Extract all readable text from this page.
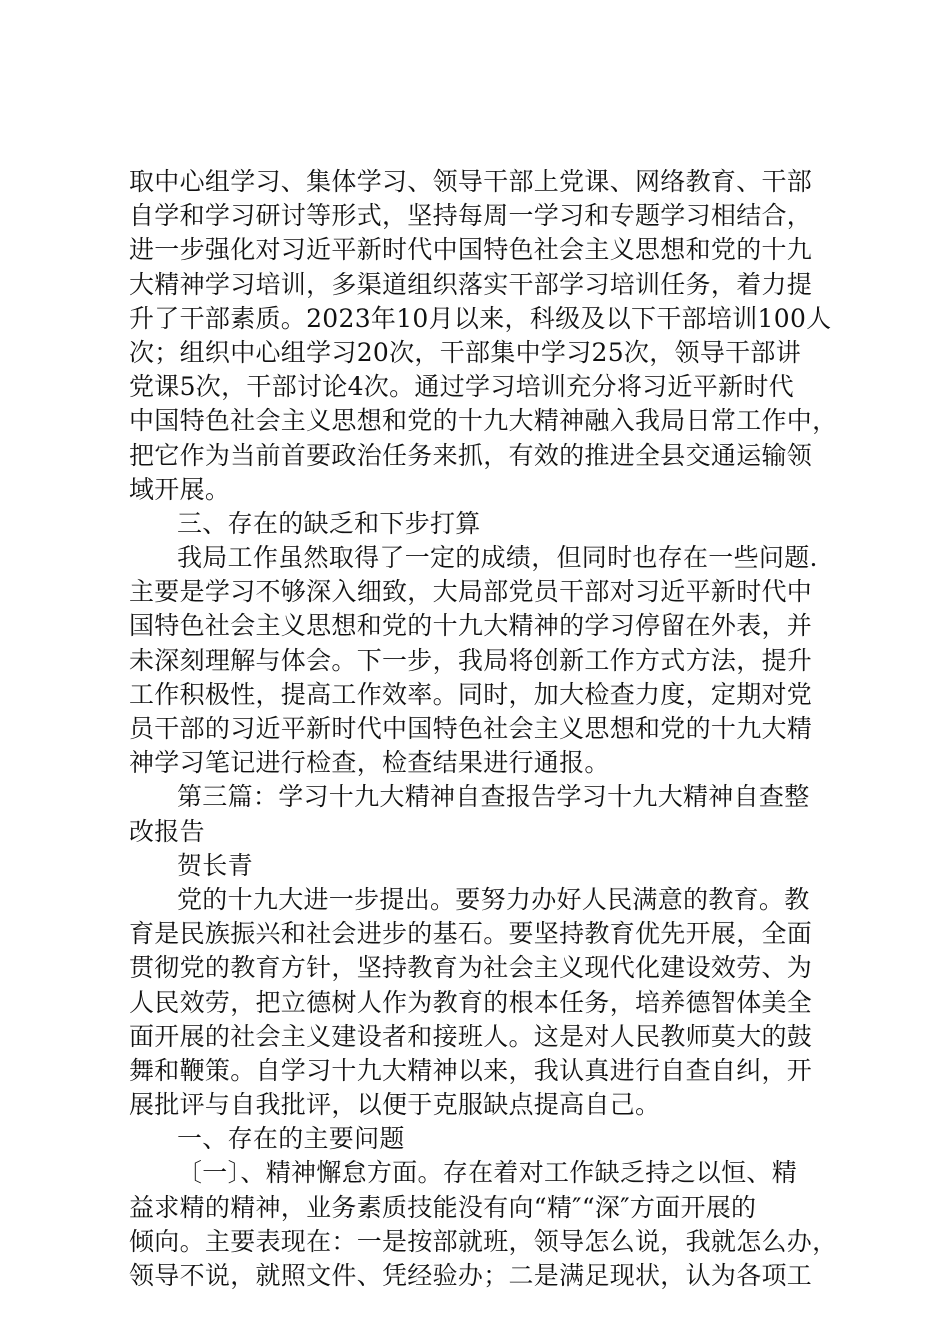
取中心组学习、集体学习、领导干部上党课、网络教育、干部
自学和学习研讨等形式，坚持每周一学习和专题学习相结合，
进一步强化对习近平新时代中国特色社会主义思想和党的十九
大精神学习培训，多渠道组织落实干部学习培训任务，着力提
升了干部素质。2023年10月以来，科级及以下干部培训100人
次；组织中心组学习20次，干部集中学习25次，领导干部讲
党课5次，干部讨论4次。通过学习培训充分将习近平新时代
中国特色社会主义思想和党的十九大精神融入我局日常工作中，
把它作为当前首要政治任务来抓，有效的推进全县交通运输领
域开展。
三、存在的缺乏和下步打算
我局工作虽然取得了一定的成绩，但同时也存在一些问题.
主要是学习不够深入细致，大局部党员干部对习近平新时代中
国特色社会主义思想和党的十九大精神的学习停留在外表，并
未深刻理解与体会。下一步，我局将创新工作方式方法，提升
工作积极性，提高工作效率。同时，加大检查力度，定期对党
员干部的习近平新时代中国特色社会主义思想和党的十九大精
神学习笔记进行检查，检查结果进行通报。
第三篇：学习十九大精神自查报告学习十九大精神自查整
改报告
贺长青
党的十九大进一步提出。要努力办好人民满意的教育。教
育是民族振兴和社会进步的基石。要坚持教育优先开展，全面
贯彻党的教育方针，坚持教育为社会主义现代化建设效劳、为
人民效劳，把立德树人作为教育的根本任务，培养德智体美全
面开展的社会主义建设者和接班人。这是对人民教师莫大的鼓
舞和鞭策。自学习十九大精神以来，我认真进行自查自纠，开
展批评与自我批评，以便于克服缺点提高自己。
一、存在的主要问题
〔一〕、精神懈怠方面。存在着对工作缺乏持之以恒、精
益求精的精神，业务素质技能没有向“精″“深″方面开展的
倾向。主要表现在：一是按部就班，领导怎么说，我就怎么办，
领导不说，就照文件、凭经验办；二是满足现状，认为各项工
